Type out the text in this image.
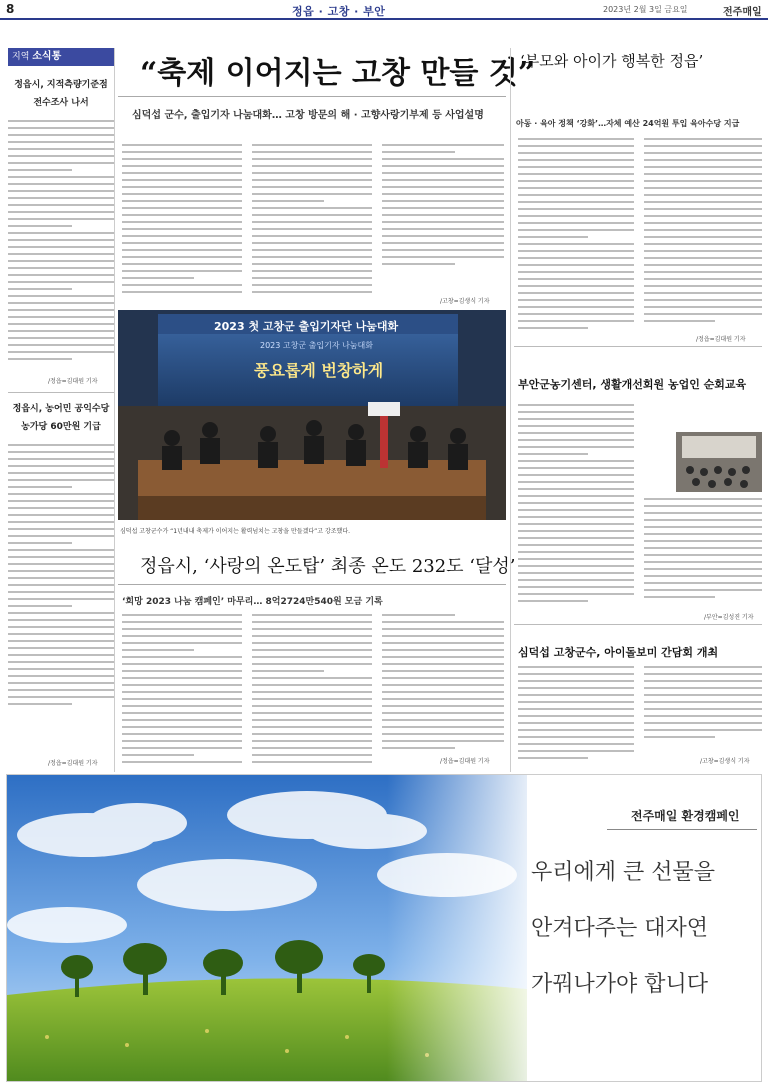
8	정읍 · 고창 · 부안	2023년 2월 3일 금요일	전주매일
지역 소식통
정읍시, 지적측량기준점
전수조사 나서
/정읍=김대원 기자
정읍시, 농어민 공익수당
농가당 60만원 기급
/정읍=김대원 기자
“축제 이어지는 고창 만들 것”
심덕섭 군수, 출입기자 나눔대화… 고창 방문의 해 · 고향사랑기부제 등 사업설명
/고창=김생식 기자
2023 첫 고창군 출입기자단 나눔대화
2023 고창군 출입기자 나눔대화
풍요롭게 번창하게
심덕섭 고창군수가 “1년내내 축제가 이어지는 활력넘치는 고창을 만들겠다”고 강조했다.
정읍시, ‘사랑의 온도탑’ 최종 온도 232도 ‘달성’
‘희망 2023 나눔 캠페인’ 마무리… 8억2724만540원 모금 기록
/정읍=김대원 기자
‘부모와 아이가 행복한 정읍’
아동 · 육아 정책 ‘강화’…자체 예산 24억원 투입 육아수당 지급
/정읍=김대원 기자
부안군농기센터, 생활개선회원 농업인 순회교육
/부안=김성진 기자
심덕섭 고창군수, 아이돌보미 간담회 개최
/고창=김생식 기자
전주매일 환경캠페인
우리에게 큰 선물을
안겨다주는 대자연
가꿔나가야 합니다
